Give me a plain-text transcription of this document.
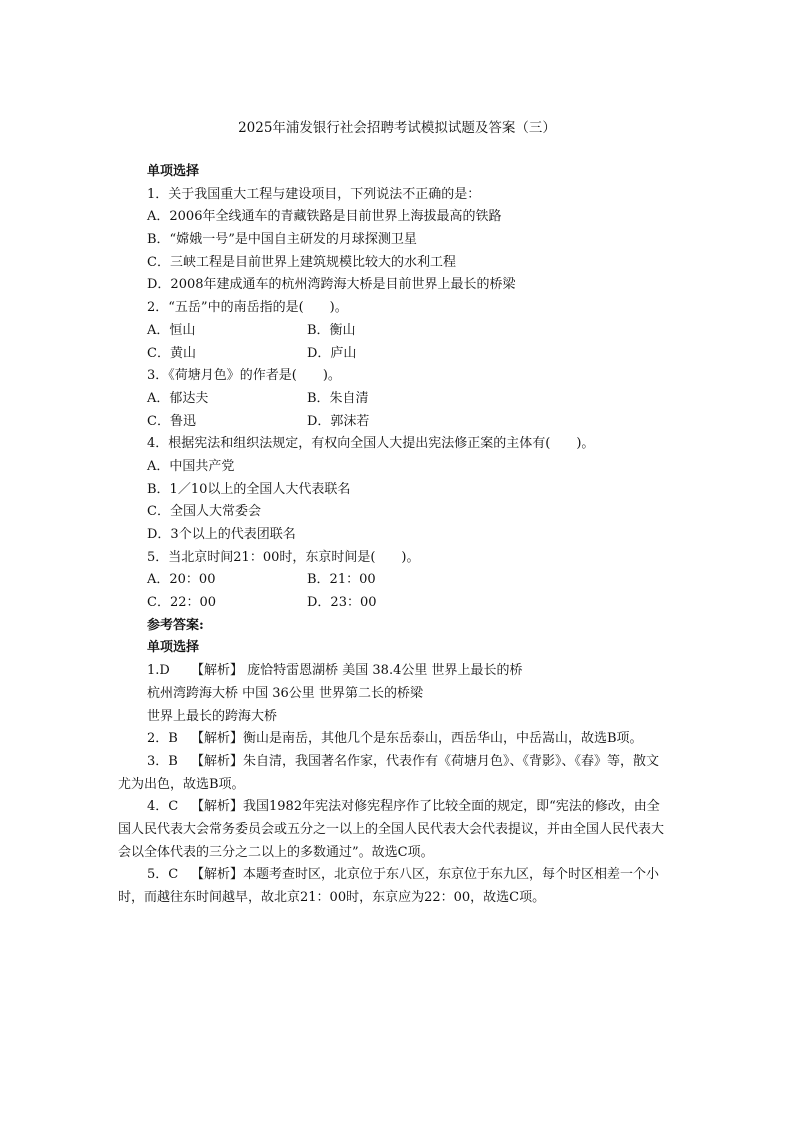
2025年浦发银行社会招聘考试模拟试题及答案（三）
单项选择
1．关于我国重大工程与建设项目，下列说法不正确的是：
A．2006年全线通车的青藏铁路是目前世界上海拔最高的铁路
B．“嫦娥一号”是中国自主研发的月球探测卫星
C．三峡工程是目前世界上建筑规模比较大的水利工程
D．2008年建成通车的杭州湾跨海大桥是目前世界上最长的桥梁
2．“五岳”中的南岳指的是(　　)。
A．恒山	B．衡山
C．黄山	D．庐山
3．《荷塘月色》的作者是(　　)。
A．郁达夫	B．朱自清
C．鲁迅	D．郭沫若
4．根据宪法和组织法规定，有权向全国人大提出宪法修正案的主体有(　　)。
A．中国共产党
B．1／10以上的全国人大代表联名
C．全国人大常委会
D．3个以上的代表团联名
5．当北京时间21：00时，东京时间是(　　)。
A．20：00	B．21：00
C．22：00	D．23：00
参考答案:
单项选择
1.D 【解析】 庞恰特雷恩湖桥 美国 38.4公里 世界上最长的桥
杭州湾跨海大桥 中国 36公里 世界第二长的桥梁
世界上最长的跨海大桥
2．B 【解析】衡山是南岳，其他几个是东岳泰山，西岳华山，中岳嵩山，故选B项。
3．B 【解析】朱自清，我国著名作家，代表作有《荷塘月色》、《背影》、《春》等，散文尤为出色，故选B项。
4．C 【解析】我国1982年宪法对修宪程序作了比较全面的规定，即“宪法的修改，由全国人民代表大会常务委员会或五分之一以上的全国人民代表大会代表提议，并由全国人民代表大会以全体代表的三分之二以上的多数通过”。故选C项。
5．C 【解析】本题考查时区，北京位于东八区，东京位于东九区，每个时区相差一个小时，而越往东时间越早，故北京21：00时，东京应为22：00，故选C项。
